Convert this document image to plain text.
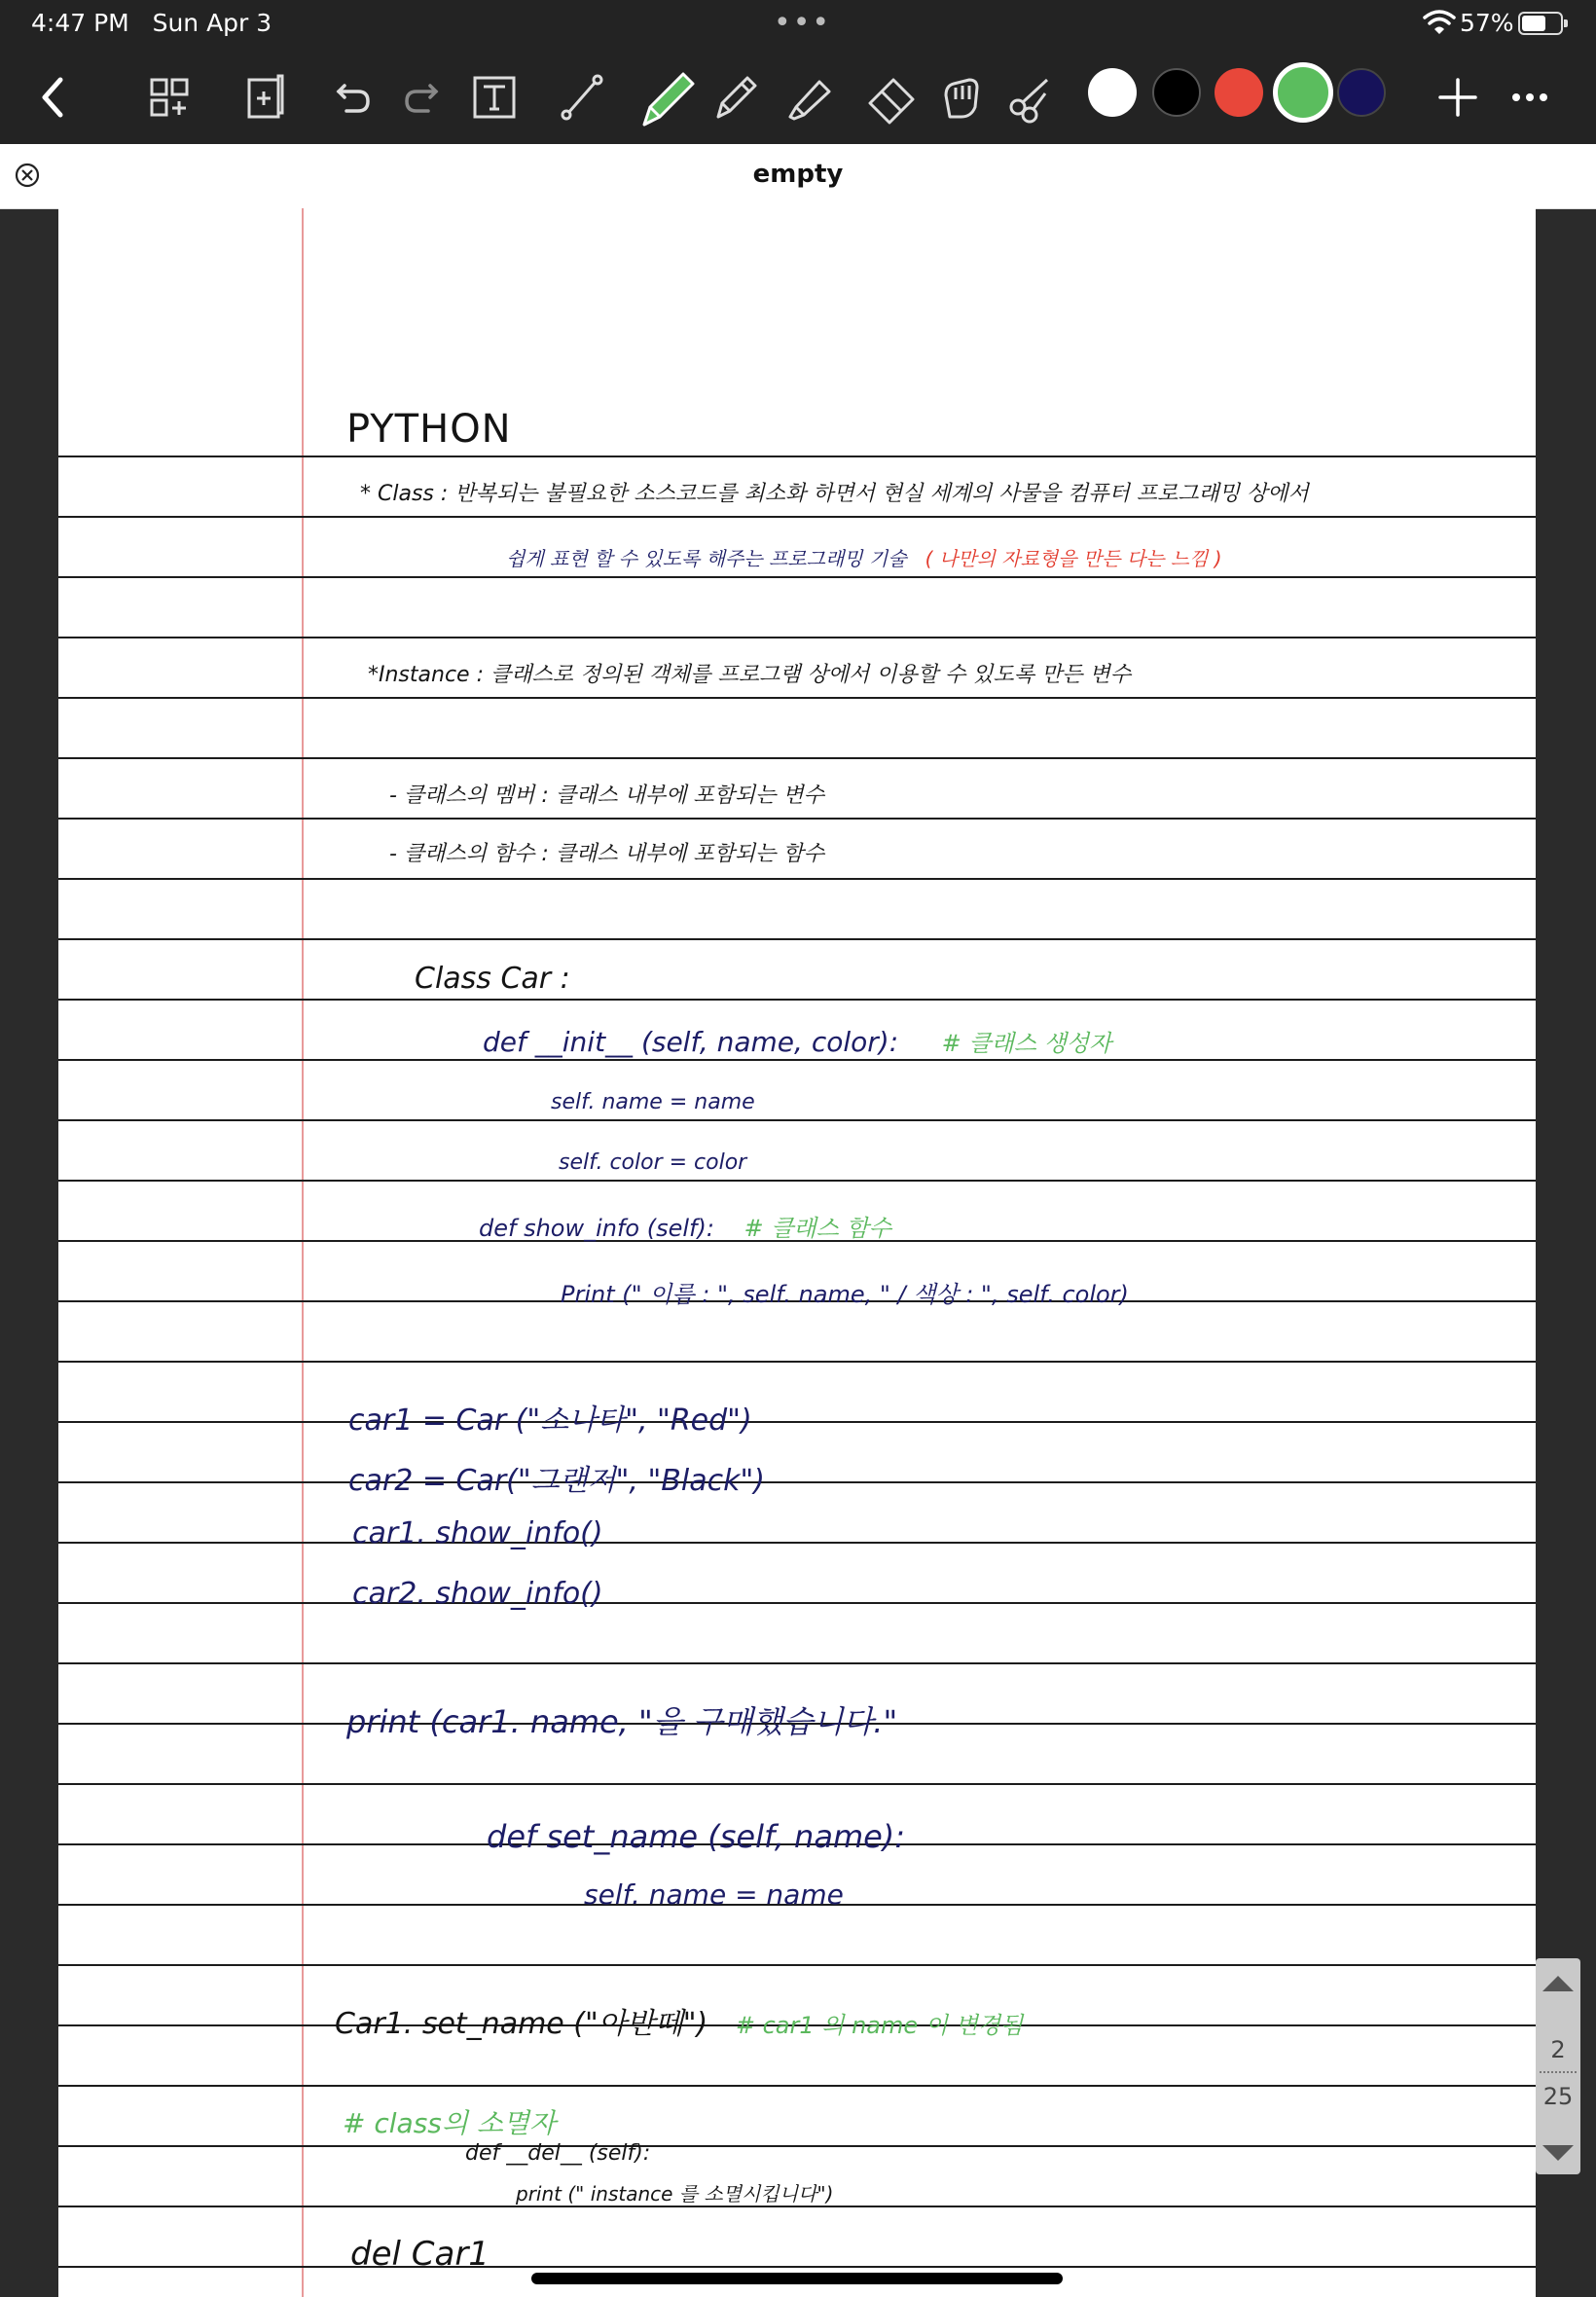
4:47 PM Sun Apr 3	•••	57%
empty
PYTHON
* Class : 반복되는 불필요한 소스코드를 최소화 하면서 현실 세계의 사물을 컴퓨터 프로그래밍 상에서
쉽게 표현 할 수 있도록 해주는 프로그래밍 기술 ( 나만의 자료형을 만든 다는 느낌 )
*Instance : 클래스로 정의된 객체를 프로그램 상에서 이용할 수 있도록 만든 변수
- 클래스의 멤버 : 클래스 내부에 포함되는 변수
- 클래스의 함수 : 클래스 내부에 포함되는 함수
Class Car :
def __init__ (self, name, color): # 클래스 생성자
self. name = name
self. color = color
def show_info (self): # 클래스 함수
Print (" 이름 : ", self. name, " / 색상 : ", self. color)
car1 = Car ("소나타", "Red")
car2 = Car("그랜저", "Black")
car1. show_info()
car2. show_info()
print (car1. name, "을 구매했습니다."
def set_name (self, name):
self. name = name
Car1. set_name ("아반떼") # car1 의 name 이 변경됨
# class의 소멸자
def __del__ (self):
print (" instance 를 소멸시킵니다")
del Car1
2
25
